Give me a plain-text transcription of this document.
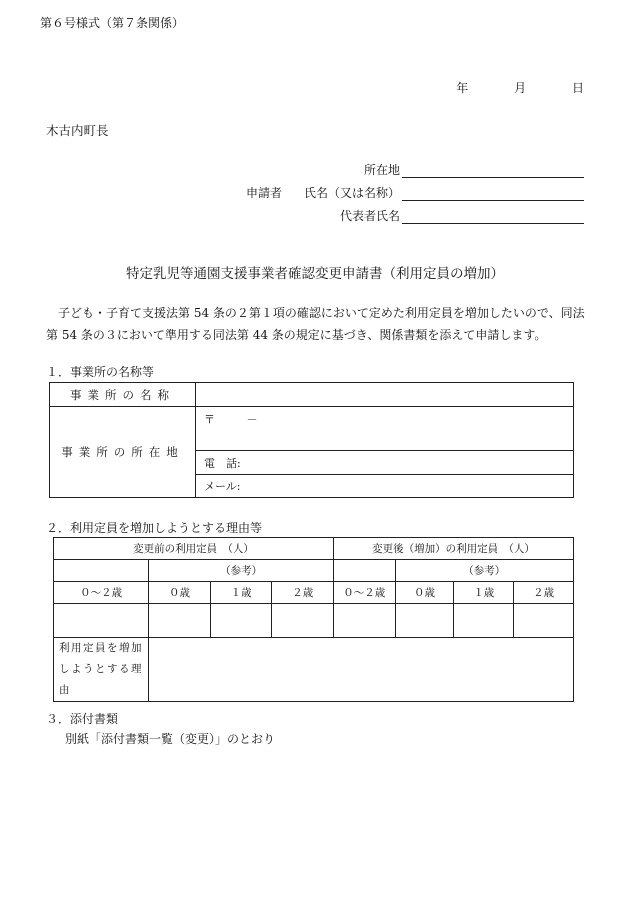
第６号様式（第７条関係）
年	月	日
木古内町長
所在地
申請者 氏名（又は名称）
代表者氏名
特定乳児等通園支援事業者確認変更申請書（利用定員の増加）
　子ども・子育て支援法第 54 条の２第１項の確認において定めた利用定員を増加したいので、同法第 54 条の３において準用する同法第 44 条の規定に基づき、関係書類を添えて申請します。
１．事業所の名称等
事業所の名称	
事業所の所在地	〒 －
	電　話:
	メール:
２．利用定員を増加しようとする理由等
変更前の利用定員　（人）				変更後（増加）の利用定員　（人）			
	（参考）				（参考）		
０～２歳	０歳	１歳	２歳	０～２歳	０歳	１歳	２歳

利用定員を増加
しようとする理由							

３．添付書類
別紙「添付書類一覧（変更）」のとおり
